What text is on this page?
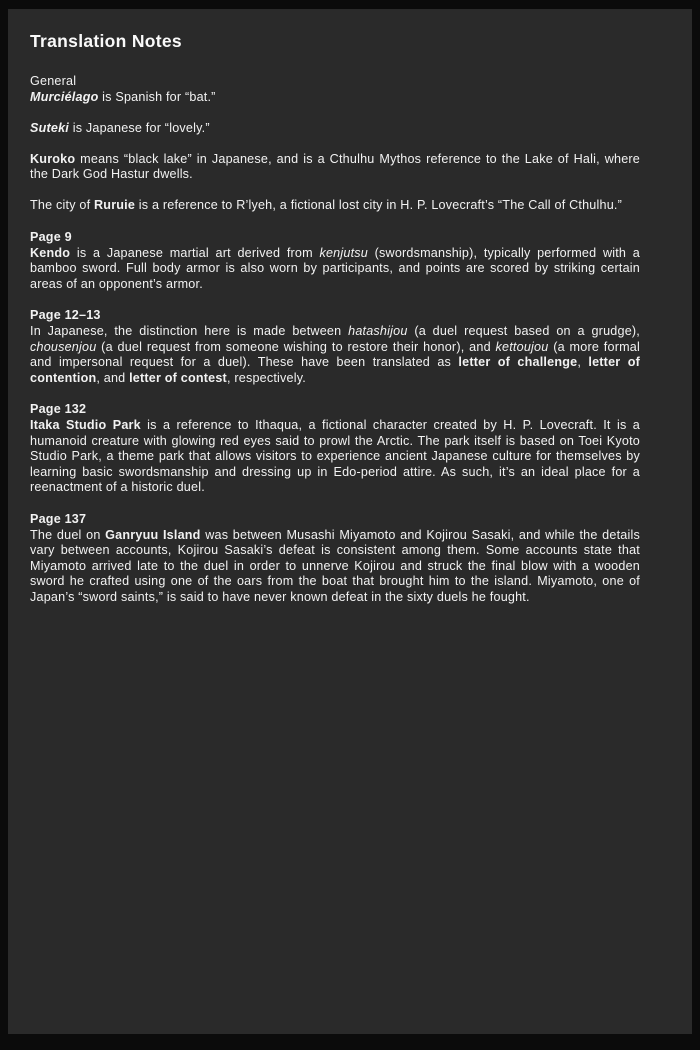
Translation Notes
General

Murciélago is Spanish for “bat.”

Suteki is Japanese for “lovely.”

Kuroko means “black lake” in Japanese, and is a Cthulhu Mythos reference to the Lake of Hali, where the Dark God Hastur dwells.

The city of Ruruie is a reference to R’lyeh, a fictional lost city in H. P. Lovecraft’s “The Call of Cthulhu.”

Page 9

Kendo is a Japanese martial art derived from kenjutsu (swordsmanship), typically performed with a bamboo sword. Full body armor is also worn by participants, and points are scored by striking certain areas of an opponent’s armor.

Page 12–13

In Japanese, the distinction here is made between hatashijou (a duel request based on a grudge), chousenjou (a duel request from someone wishing to restore their honor), and kettoujou (a more formal and impersonal request for a duel). These have been translated as letter of challenge, letter of contention, and letter of contest, respectively.

Page 132

Itaka Studio Park is a reference to Ithaqua, a fictional character created by H. P. Lovecraft. It is a humanoid creature with glowing red eyes said to prowl the Arctic. The park itself is based on Toei Kyoto Studio Park, a theme park that allows visitors to experience ancient Japanese culture for themselves by learning basic swordsmanship and dressing up in Edo-period attire. As such, it’s an ideal place for a reenactment of a historic duel.

Page 137

The duel on Ganryuu Island was between Musashi Miyamoto and Kojirou Sasaki, and while the details vary between accounts, Kojirou Sasaki’s defeat is consistent among them. Some accounts state that Miyamoto arrived late to the duel in order to unnerve Kojirou and struck the final blow with a wooden sword he crafted using one of the oars from the boat that brought him to the island. Miyamoto, one of Japan’s “sword saints,” is said to have never known defeat in the sixty duels he fought.
